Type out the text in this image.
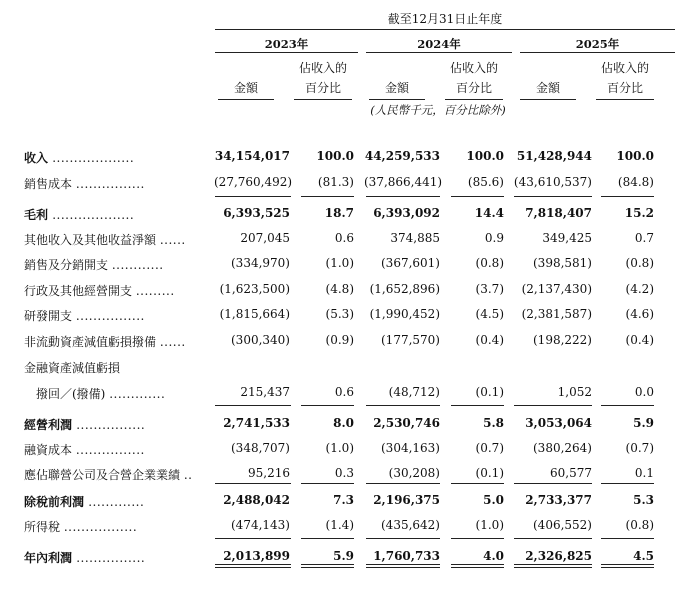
截至12月31日止年度
2023年	2024年	2025年
金額
佔收入的
百分比	金額
佔收入的
百分比	金額
佔收入的
百分比
(人民幣千元，百分比除外)
收入 ...................	34,154,017	100.0 44,259,533	100.0	51,428,944	100.0
銷售成本 ................	(27,760,492)	(81.3) (37,866,441)	(85.6) (43,610,537)	(84.8)
毛利 ...................	6,393,525	18.7	6,393,092	14.4	7,818,407	15.2
其他收入及其他收益淨額 ......	207,045	0.6	374,885	0.9	349,425	0.7
銷售及分銷開支 ............	(334,970)	(1.0)	(367,601)	(0.8)	(398,581)	(0.8)
行政及其他經營開支 .........	(1,623,500)	(4.8)	(1,652,896)	(3.7)	(2,137,430)	(4.2)
研發開支 ................	(1,815,664)	(5.3)	(1,990,452)	(4.5)	(2,381,587)	(4.6)
非流動資產減值虧損撥備 ......	(300,340)	(0.9)	(177,570)	(0.4)	(198,222)	(0.4)
金融資產減值虧損
　撥回／(撥備) .............	215,437	0.6	(48,712)	(0.1)	1,052	0.0
經營利潤 ................	2,741,533	8.0	2,530,746	5.8	3,053,064	5.9
融資成本 ................	(348,707)	(1.0)	(304,163)	(0.7)	(380,264)	(0.7)
應佔聯營公司及合營企業業績 ..	95,216	0.3	(30,208)	(0.1)	60,577	0.1
除稅前利潤 .............	2,488,042	7.3	2,196,375	5.0	2,733,377	5.3
所得稅 .................	(474,143)	(1.4)	(435,642)	(1.0)	(406,552)	(0.8)
年內利潤 ................	2,013,899	5.9	1,760,733	4.0	2,326,825	4.5
